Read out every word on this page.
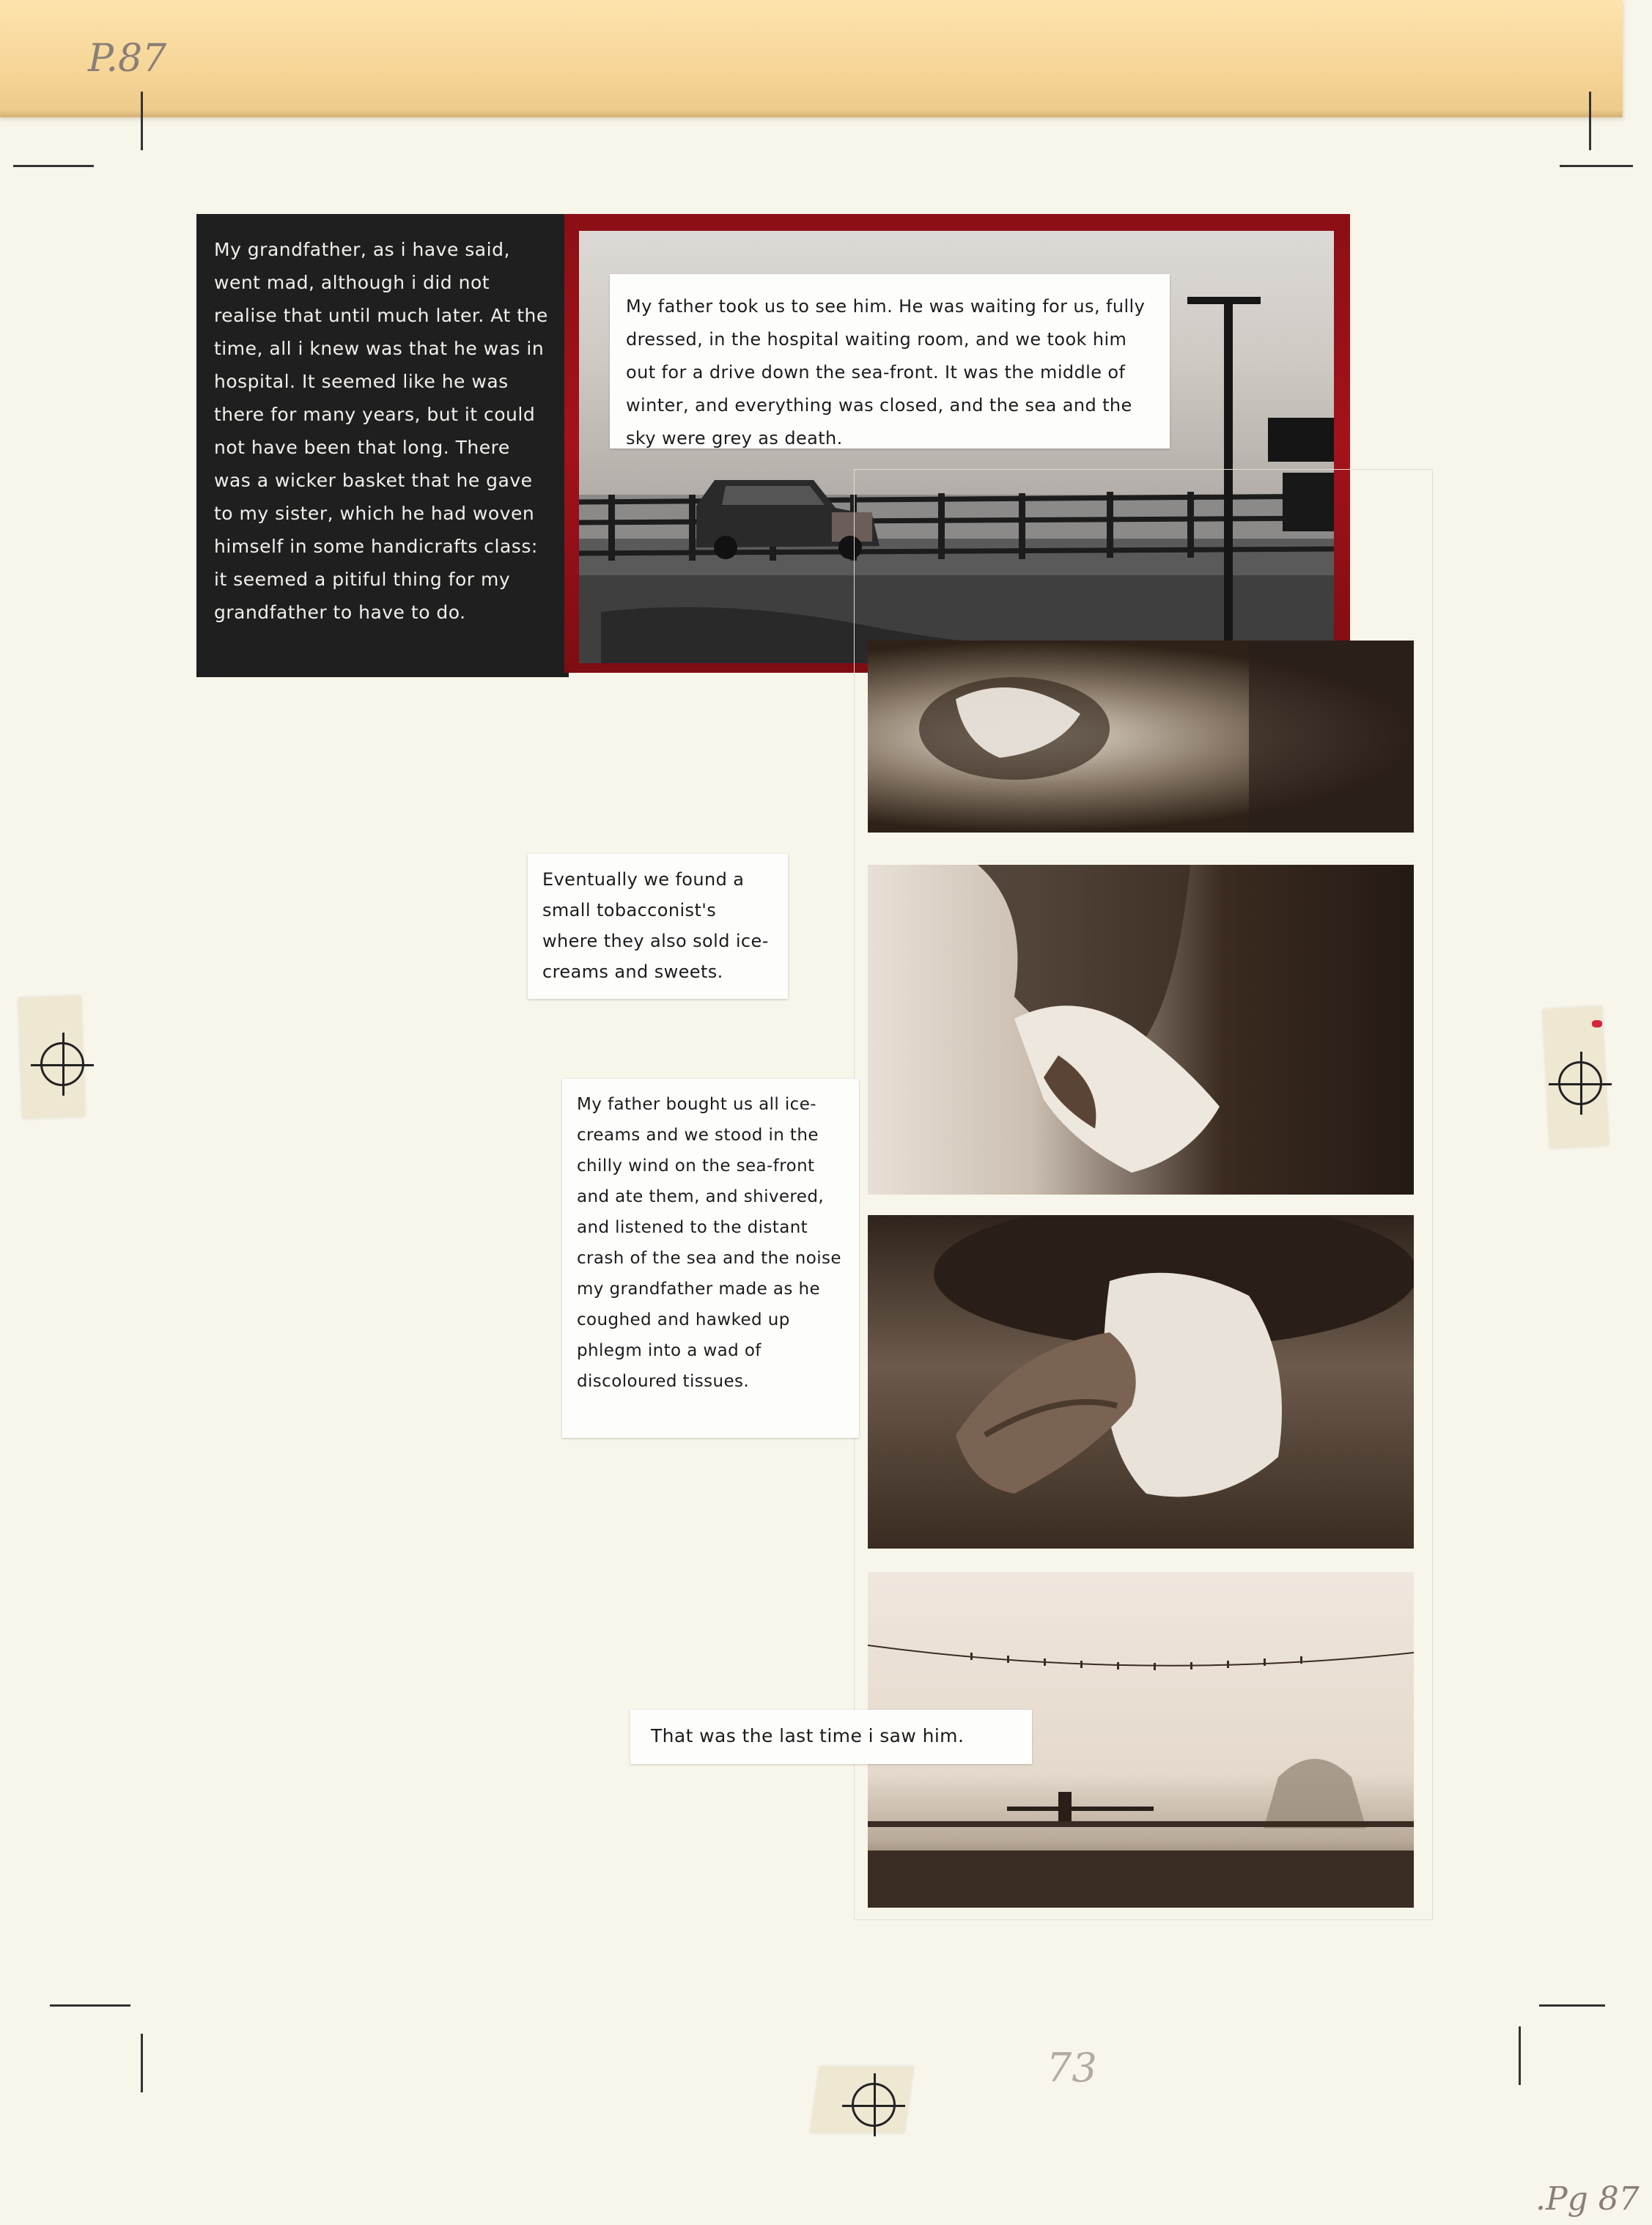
P.87
My grandfather, as i have said, went mad, although i did not realise that until much later. At the time, all i knew was that he was in hospital. It seemed like he was there for many years, but it could not have been that long. There was a wicker basket that he gave to my sister, which he had woven himself in some handicrafts class: it seemed a pitiful thing for my grandfather to have to do.
My father took us to see him. He was waiting for us, fully dressed, in the hospital waiting room, and we took him out for a drive down the sea-front. It was the middle of winter, and everything was closed, and the sea and the sky were grey as death.
Eventually we found a small tobacconist's where they also sold ice-creams and sweets.
My father bought us all ice-creams and we stood in the chilly wind on the sea-front and ate them, and shivered, and listened to the distant crash of the sea and the noise my grandfather made as he coughed and hawked up phlegm into a wad of discoloured tissues.
That was the last time i saw him.
73
.Pg 87
